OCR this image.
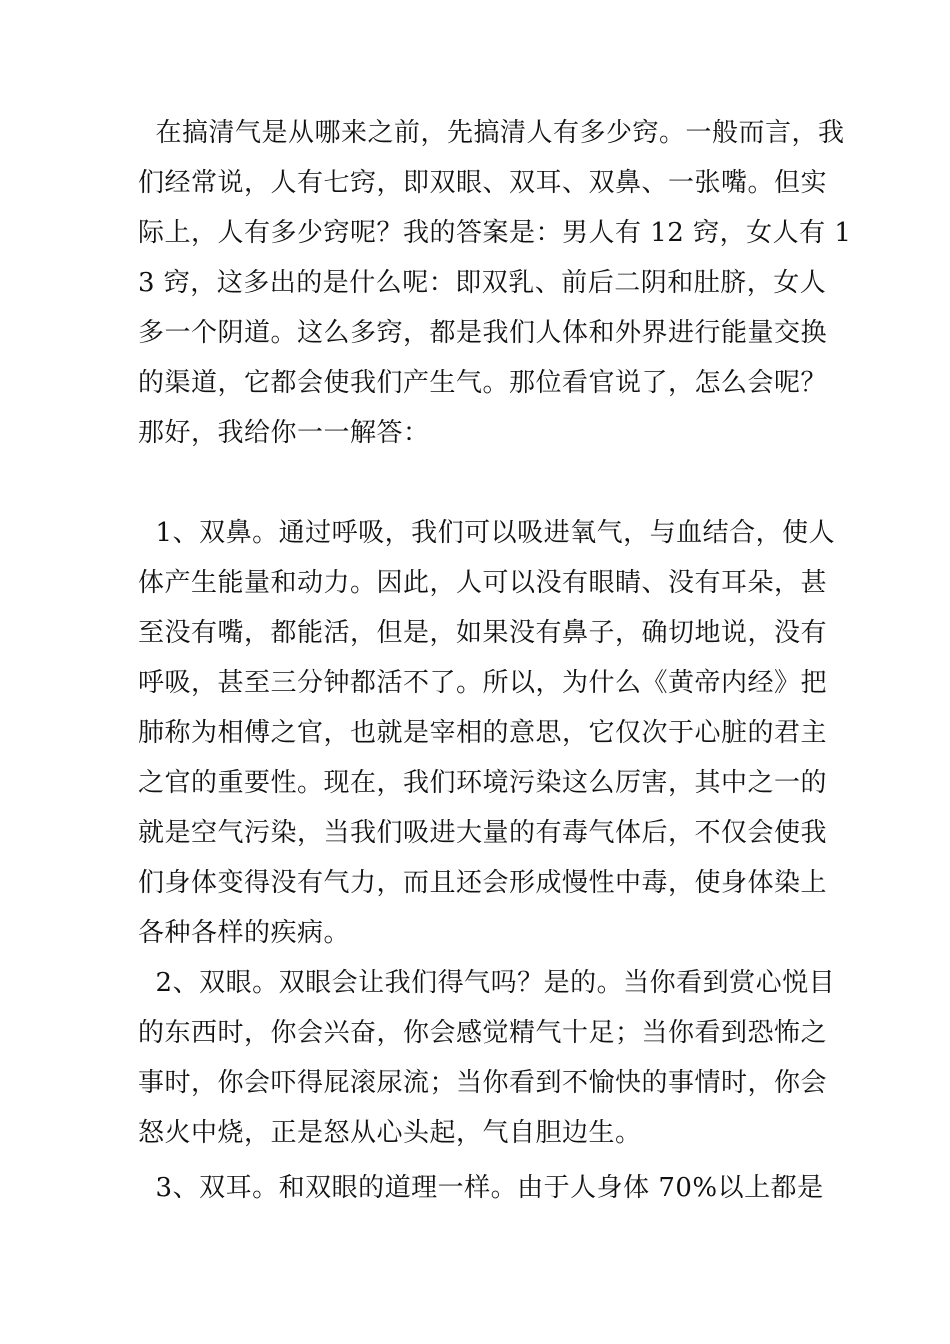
在搞清气是从哪来之前，先搞清人有多少窍。一般而言，我
们经常说，人有七窍，即双眼、双耳、双鼻、一张嘴。但实
际上，人有多少窍呢？我的答案是：男人有 12 窍，女人有 1
3 窍，这多出的是什么呢：即双乳、前后二阴和肚脐，女人
多一个阴道。这么多窍，都是我们人体和外界进行能量交换
的渠道，它都会使我们产生气。那位看官说了，怎么会呢？
那好，我给你一一解答：
1、双鼻。通过呼吸，我们可以吸进氧气，与血结合，使人
体产生能量和动力。因此，人可以没有眼睛、没有耳朵，甚
至没有嘴，都能活，但是，如果没有鼻子，确切地说，没有
呼吸，甚至三分钟都活不了。所以，为什么《黄帝内经》把
肺称为相傅之官，也就是宰相的意思，它仅次于心脏的君主
之官的重要性。现在，我们环境污染这么厉害，其中之一的
就是空气污染，当我们吸进大量的有毒气体后，不仅会使我
们身体变得没有气力，而且还会形成慢性中毒，使身体染上
各种各样的疾病。
2、双眼。双眼会让我们得气吗？是的。当你看到赏心悦目
的东西时，你会兴奋，你会感觉精气十足；当你看到恐怖之
事时，你会吓得屁滚尿流；当你看到不愉快的事情时，你会
怒火中烧，正是怒从心头起，气自胆边生。
3、双耳。和双眼的道理一样。由于人身体 70%以上都是
